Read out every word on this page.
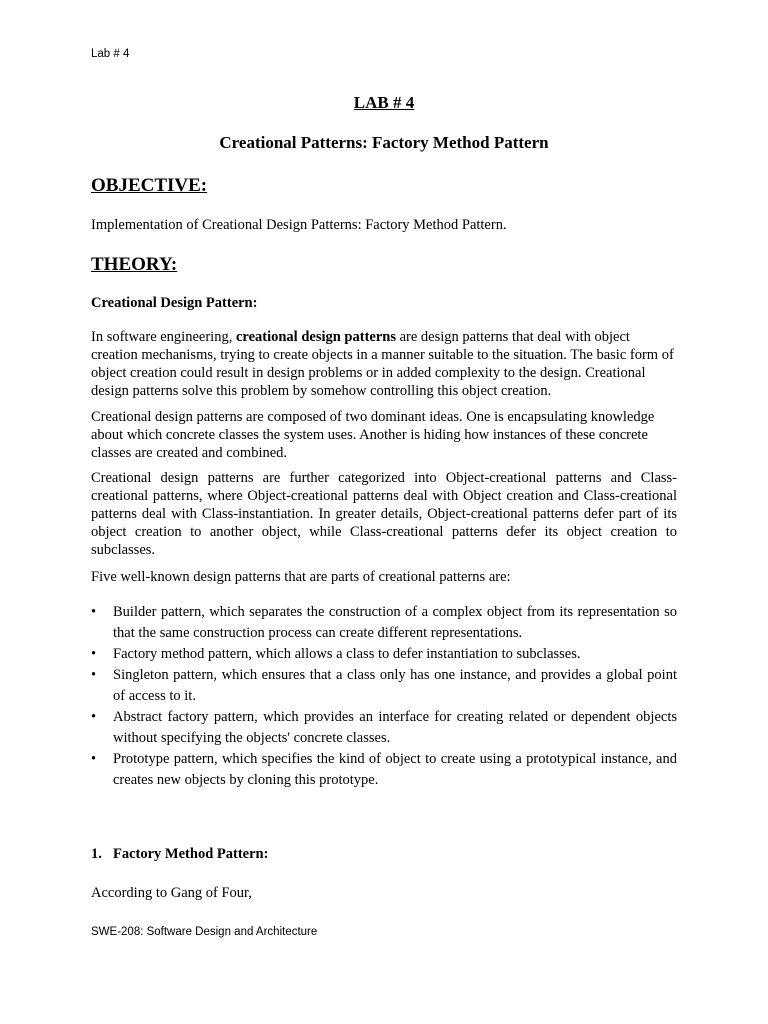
Lab # 4
LAB # 4
Creational Patterns: Factory Method Pattern
OBJECTIVE:
Implementation of Creational Design Patterns: Factory Method Pattern.
THEORY:
Creational Design Pattern:

In software engineering, creational design patterns are design patterns that deal with object creation mechanisms, trying to create objects in a manner suitable to the situation. The basic form of object creation could result in design problems or in added complexity to the design. Creational design patterns solve this problem by somehow controlling this object creation.

Creational design patterns are composed of two dominant ideas. One is encapsulating knowledge about which concrete classes the system uses. Another is hiding how instances of these concrete classes are created and combined.

Creational design patterns are further categorized into Object-creational patterns and Class-creational patterns, where Object-creational patterns deal with Object creation and Class-creational patterns deal with Class-instantiation. In greater details, Object-creational patterns defer part of its object creation to another object, while Class-creational patterns defer its object creation to subclasses.

Five well-known design patterns that are parts of creational patterns are:

• Builder pattern, which separates the construction of a complex object from its representation so that the same construction process can create different representations.
• Factory method pattern, which allows a class to defer instantiation to subclasses.
• Singleton pattern, which ensures that a class only has one instance, and provides a global point of access to it.
• Abstract factory pattern, which provides an interface for creating related or dependent objects without specifying the objects' concrete classes.
• Prototype pattern, which specifies the kind of object to create using a prototypical instance, and creates new objects by cloning this prototype.
1. Factory Method Pattern:
According to Gang of Four,
SWE-208: Software Design and Architecture
